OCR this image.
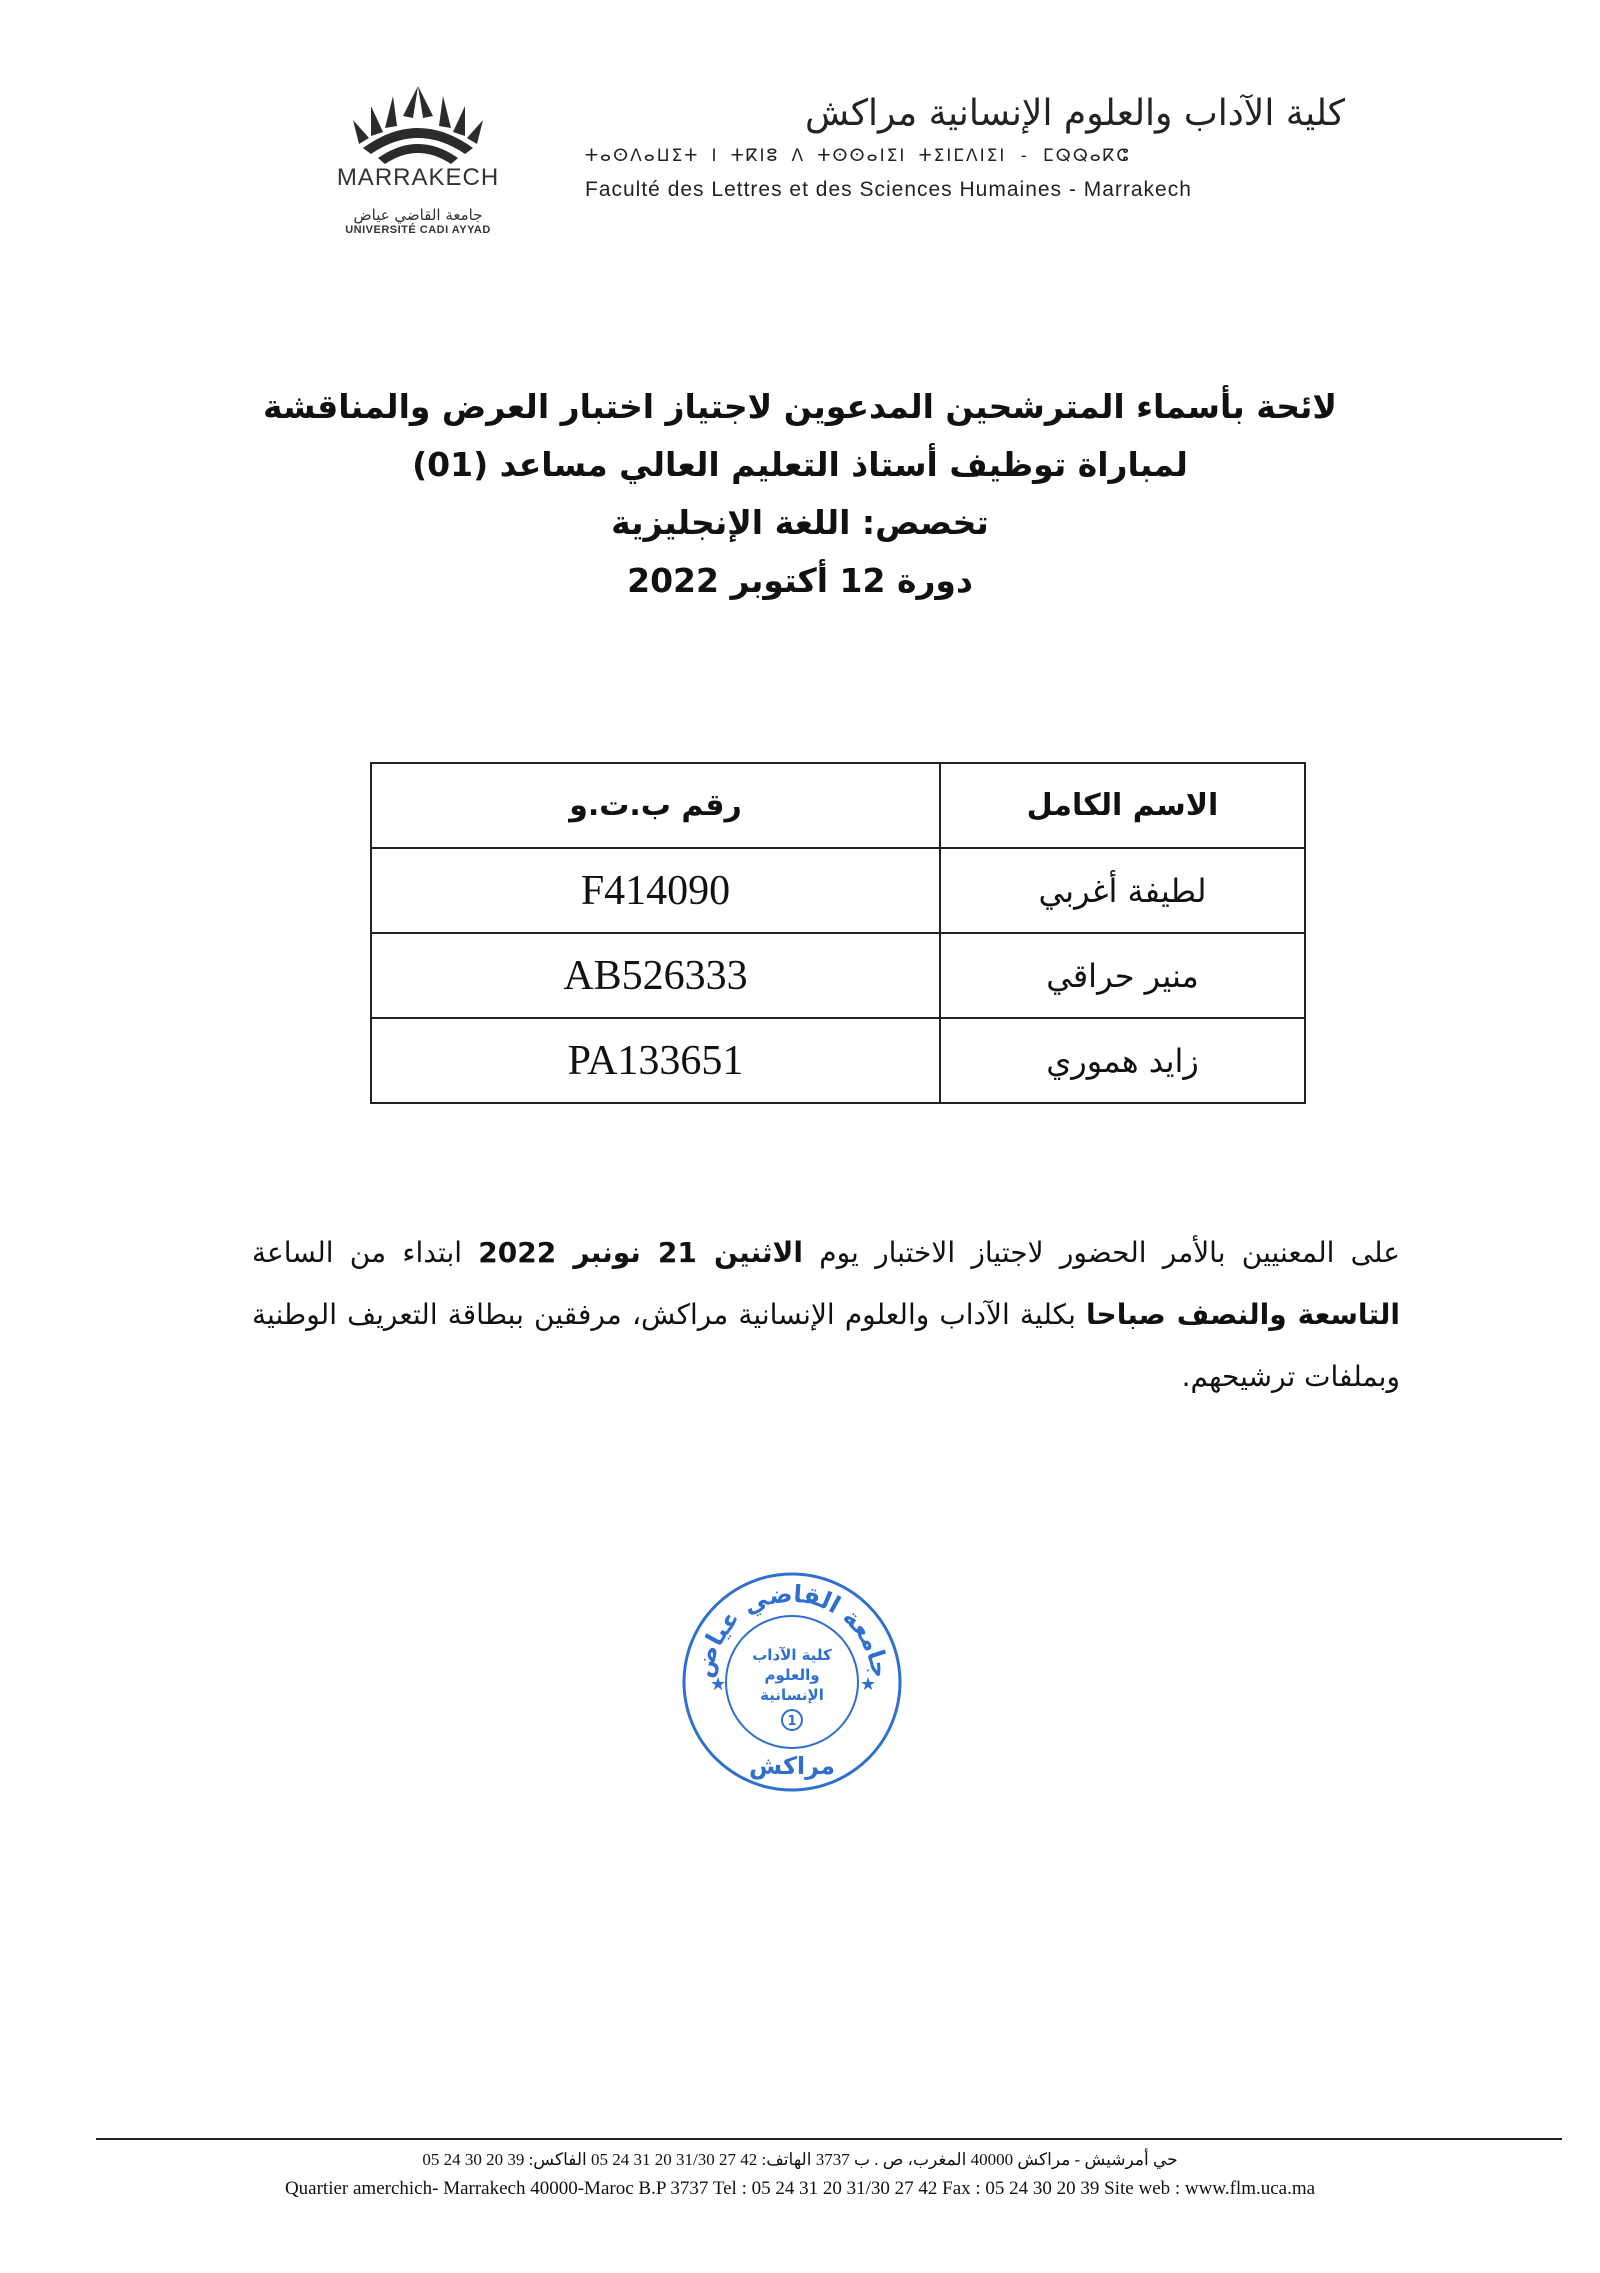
MARRAKECH
جامعة القاضي عياض
UNIVERSITÉ CADI AYYAD
كلية الآداب والعلوم الإنسانية مراكش
ⵜⴰⵙⴷⴰⵡⵉⵜ ⵏ ⵜⴽⵏⵓ ⴷ ⵜⵙⵙⴰⵏⵉⵏ ⵜⵉⵏⵎⴷⵏⵉⵏ - ⵎⵕⵕⴰⴽⵛ
Faculté des Lettres et des Sciences Humaines - Marrakech
لائحة بأسماء المترشحين المدعوين لاجتياز اختبار العرض والمناقشة
لمباراة توظيف أستاذ التعليم العالي مساعد (01)
تخصص: اللغة الإنجليزية
دورة 12 أكتوبر 2022
الاسم الكامل	رقم ب.ت.و
لطيفة أغربي	F414090
منير حراقي	AB526333
زايد هموري	PA133651
على المعنيين بالأمر الحضور لاجتياز الاختبار يوم الاثنين 21 نونبر 2022 ابتداء من الساعة التاسعة والنصف صباحا بكلية الآداب والعلوم الإنسانية مراكش، مرفقين ببطاقة التعريف الوطنية وبملفات ترشيحهم.
جامعة القاضي عياض
★	★
كلية الآداب
والعلوم
الإنسانية
1
مراكش
حي أمرشيش - مراكش 40000 المغرب، ص . ب 3737 الهاتف: 42 27 31/30 20 31 24 05 الفاكس: 39 20 30 24 05
Quartier amerchich- Marrakech 40000-Maroc B.P 3737 Tel : 05 24 31 20 31/30 27 42 Fax : 05 24 30 20 39 Site web : www.flm.uca.ma
